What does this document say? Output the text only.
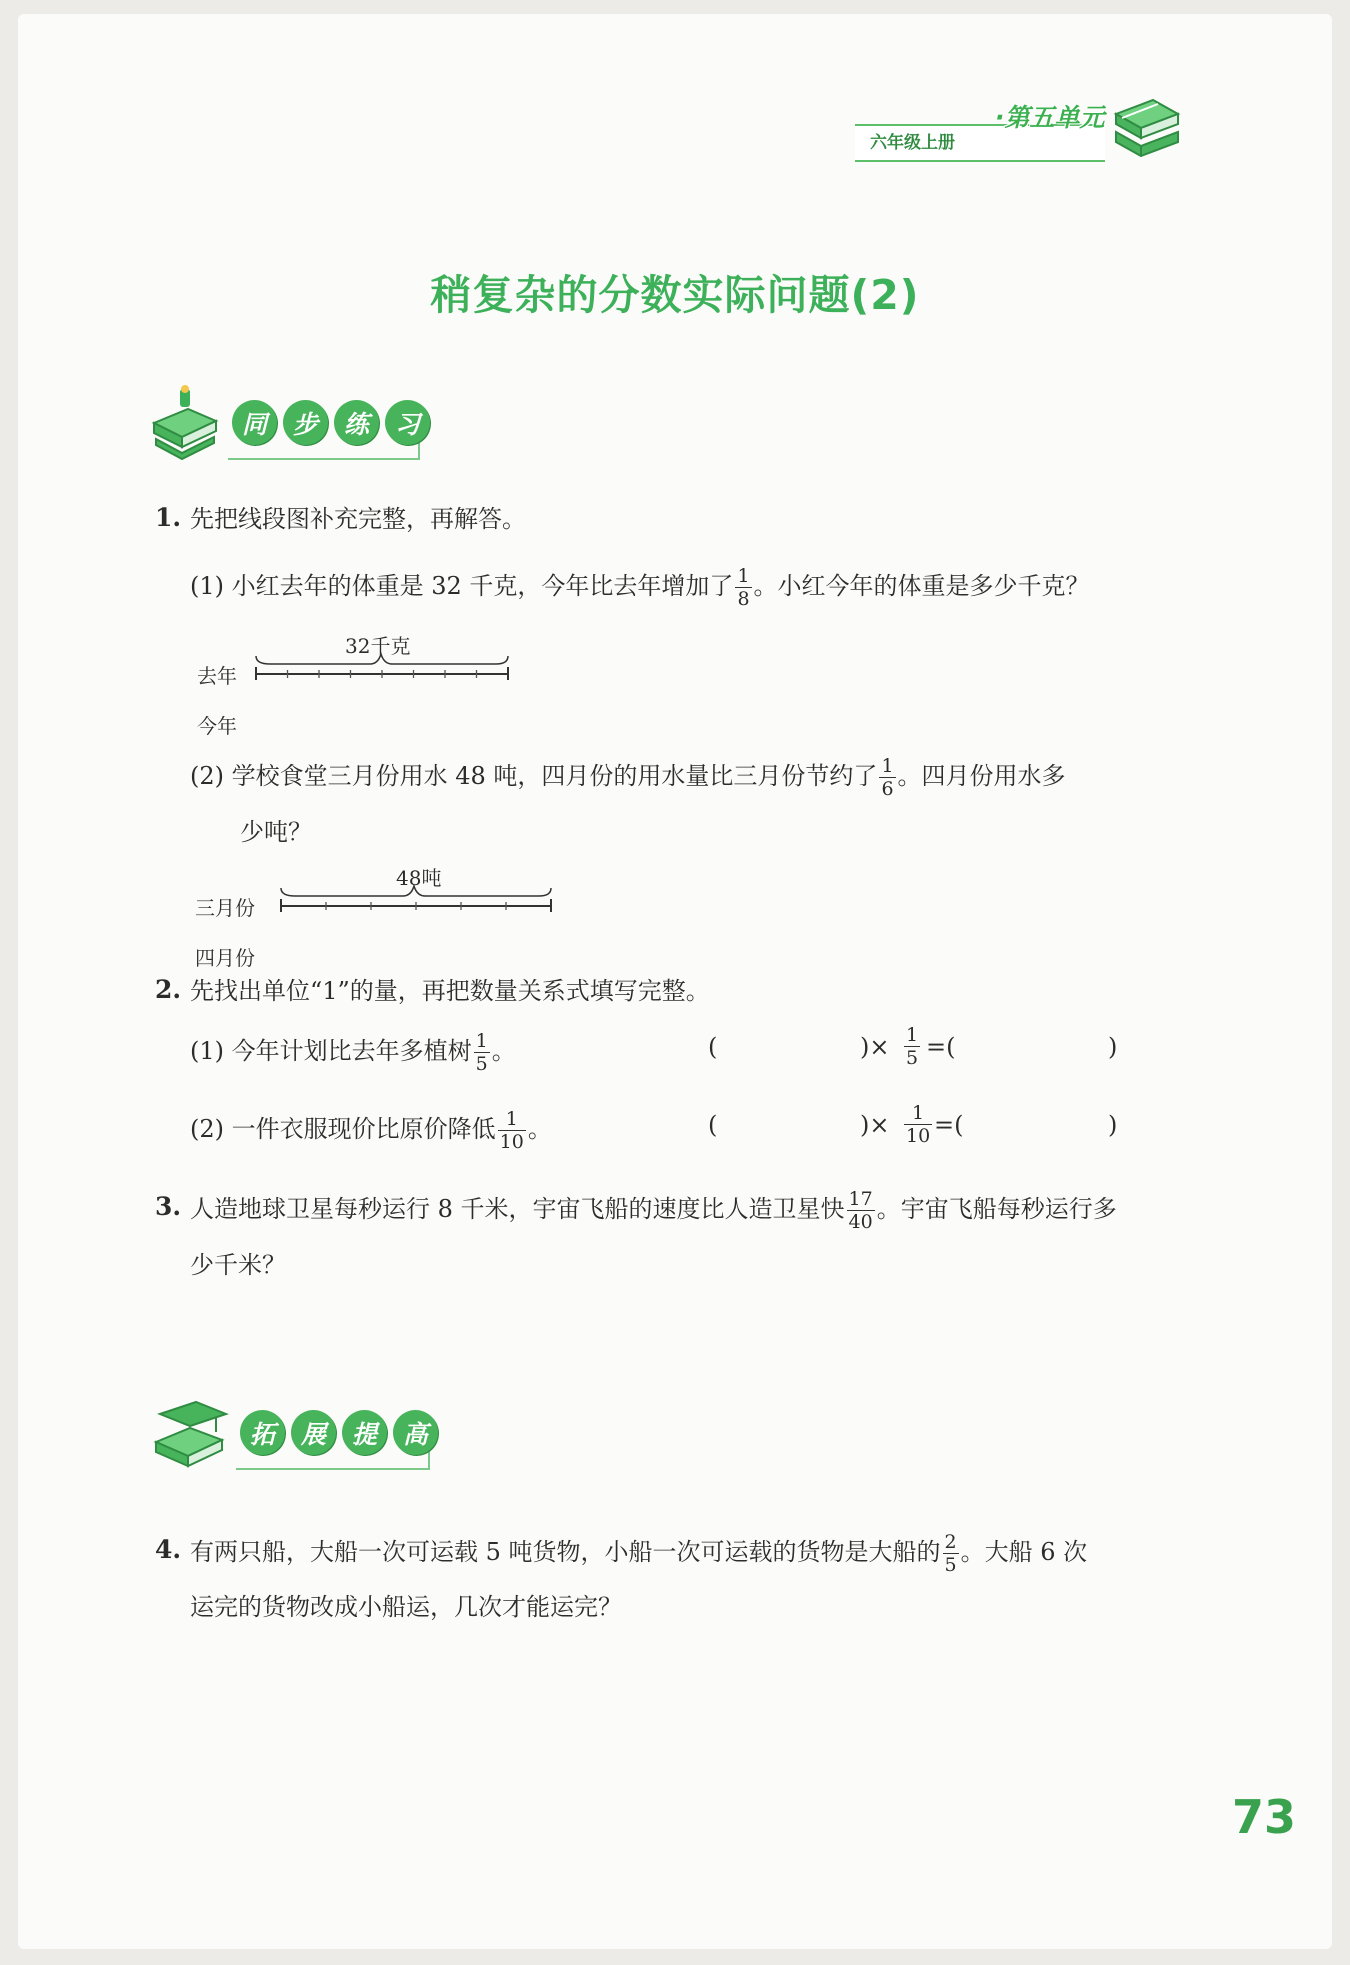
六年级上册
·第五单元
稍复杂的分数实际问题(2)
同	步	练	习
1. 先把线段图补充完整，再解答。
(1) 小红去年的体重是 32 千克，今年比去年增加了 $\frac{1}{8}$ 。小红今年的体重是多少千克？
32千克
去年
今年
(2) 学校食堂三月份用水 48 吨，四月份的用水量比三月份节约了 $\frac{1}{6}$ 。四月份用水多
少吨？
48吨
三月份
四月份
2. 先找出单位“1”的量，再把数量关系式填写完整。
(1) 今年计划比去年多植树 $\frac{1}{5}$ 。	(	)× $\frac{1}{5}$ =(	)
(2) 一件衣服现价比原价降低 $\frac{1}{10}$ 。	(	)× $\frac{1}{10}$ =(	)
3. 人造地球卫星每秒运行 8 千米，宇宙飞船的速度比人造卫星快 $\frac{17}{40}$ 。宇宙飞船每秒运行多
少千米？
拓	展	提	高
4. 有两只船，大船一次可运载 5 吨货物，小船一次可运载的货物是大船的 $\frac{2}{5}$ 。大船 6 次
运完的货物改成小船运，几次才能运完？
73
